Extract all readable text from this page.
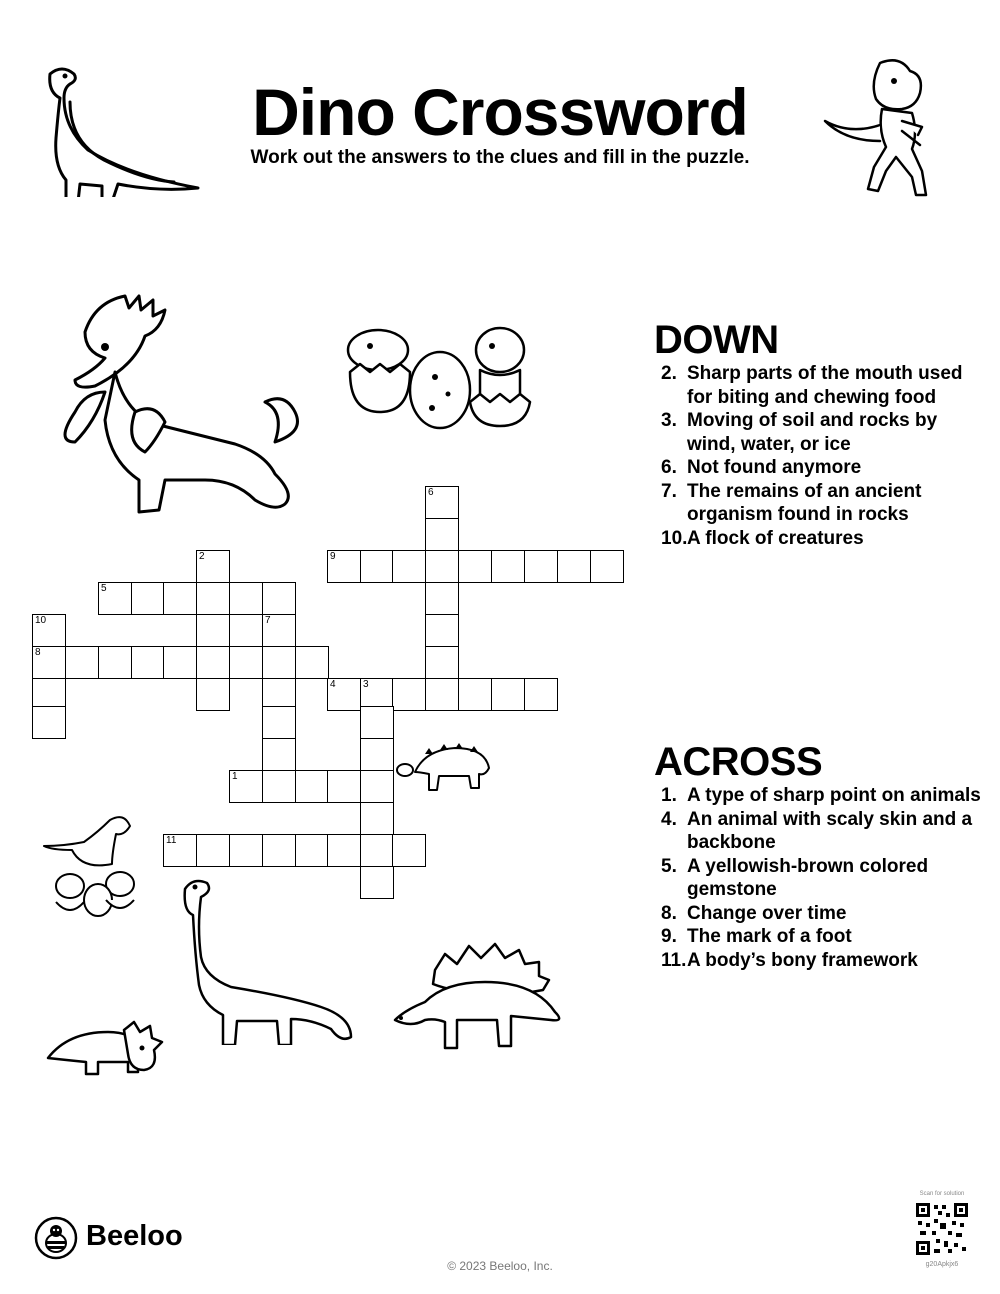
Dino Crossword
Work out the answers to the clues and fill in the puzzle.
6
9
2
5
10	7
8
4	3
1
11
DOWN
2. Sharp parts of the mouth used for biting and chewing food
3. Moving of soil and rocks by wind, water, or ice
6. Not found anymore
7. The remains of an ancient organism found in rocks
10. A flock of creatures
ACROSS
1. A type of sharp point on animals
4. An animal with scaly skin and a backbone
5. A yellowish-brown colored gemstone
8. Change over time
9. The mark of a foot
11. A body’s bony framework
Beeloo
© 2023 Beeloo, Inc.
Scan for solution
g20Apkjx6
